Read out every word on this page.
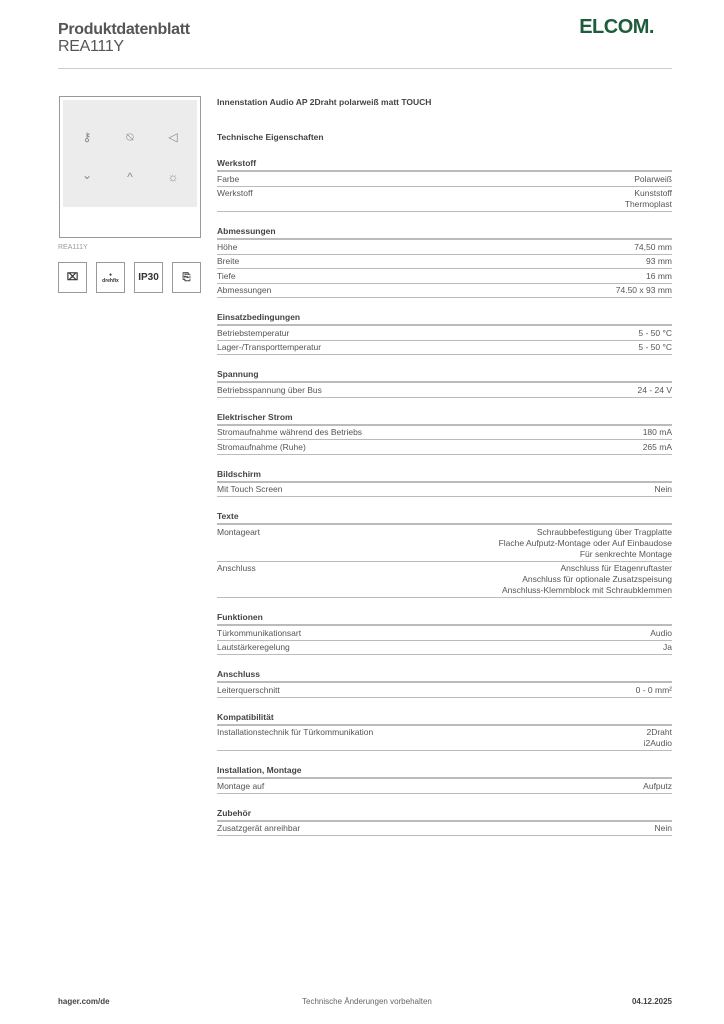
Produktdatenblatt
REA111Y
ELCOM.
⚷	⍉	◁
⌄	^	☼
REA111Y
⌧	●
drehfix	IP30	⎘
Innenstation Audio AP 2Draht polarweiß matt TOUCH
Technische Eigenschaften
Werkstoff
Farbe	Polarweiß
Werkstoff	Kunststoff
Thermoplast
Abmessungen
Höhe	74,50 mm
Breite	93 mm
Tiefe	16 mm
Abmessungen	74.50 x 93 mm
Einsatzbedingungen
Betriebstemperatur	5 - 50 °C
Lager-/Transporttemperatur	5 - 50 °C
Spannung
Betriebsspannung über Bus	24 - 24 V
Elektrischer Strom
Stromaufnahme während des Betriebs	180 mA
Stromaufnahme (Ruhe)	265 mA
Bildschirm
Mit Touch Screen	Nein
Texte
Montageart	Schraubbefestigung über Tragplatte
Flache Aufputz-Montage oder Auf Einbaudose
Für senkrechte Montage
Anschluss	Anschluss für Etagenruftaster
Anschluss für optionale Zusatzspeisung
Anschluss-Klemmblock mit Schraubklemmen
Funktionen
Türkommunikationsart	Audio
Lautstärkeregelung	Ja
Anschluss
Leiterquerschnitt	0 - 0 mm²
Kompatibilität
Installationstechnik für Türkommunikation	2Draht
i2Audio
Installation, Montage
Montage auf	Aufputz
Zubehör
Zusatzgerät anreihbar	Nein
hager.com/de	Technische Änderungen vorbehalten	04.12.2025
